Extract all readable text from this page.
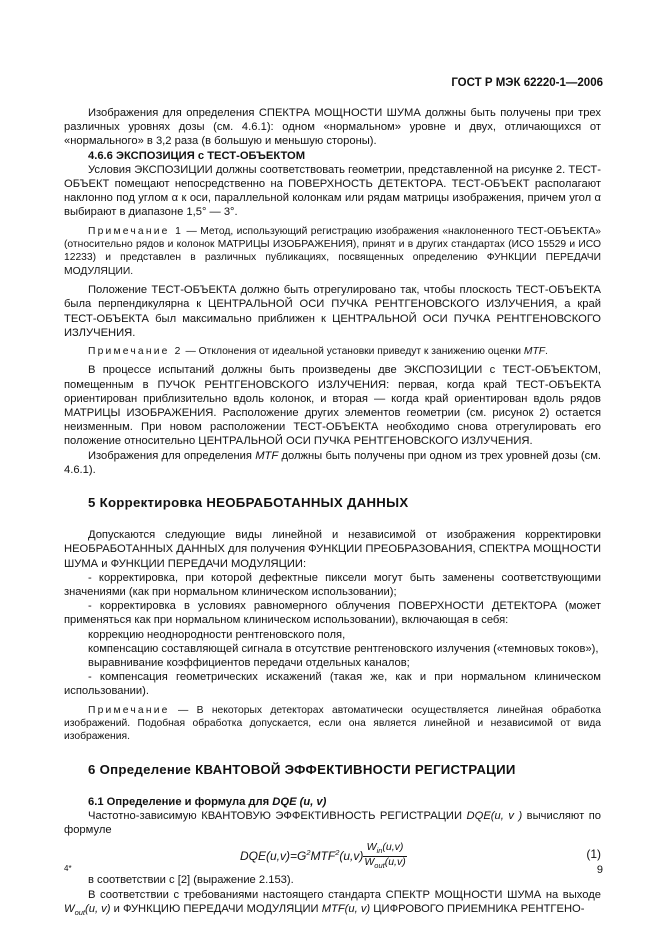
ГОСТ Р МЭК 62220-1—2006

Изображения для определения СПЕКТРА МОЩНОСТИ ШУМА должны быть получены при трех различных уровнях дозы (см. 4.6.1): одном «нормальном» уровне и двух, отличающихся от «нормального» в 3,2 раза (в большую и меньшую стороны).

4.6.6 ЭКСПОЗИЦИЯ с ТЕСТ-ОБЪЕКТОМ

Условия ЭКСПОЗИЦИИ должны соответствовать геометрии, представленной на рисунке 2. ТЕСТ-ОБЪЕКТ помещают непосредственно на ПОВЕРХНОСТЬ ДЕТЕКТОРА. ТЕСТ-ОБЪЕКТ располагают наклонно под углом α к оси, параллельной колонкам или рядам матрицы изображения, причем угол α выбирают в диапазоне 1,5° — 3°.

Примечание 1 — Метод, использующий регистрацию изображения «наклоненного ТЕСТ-ОБЪЕКТА» (относительно рядов и колонок МАТРИЦЫ ИЗОБРАЖЕНИЯ), принят и в других стандартах (ИСО 15529 и ИСО 12233) и представлен в различных публикациях, посвященных определению ФУНКЦИИ ПЕРЕДАЧИ МОДУЛЯЦИИ.

Положение ТЕСТ-ОБЪЕКТА должно быть отрегулировано так, чтобы плоскость ТЕСТ-ОБЪЕКТА была перпендикулярна к ЦЕНТРАЛЬНОЙ ОСИ ПУЧКА РЕНТГЕНОВСКОГО ИЗЛУЧЕНИЯ, а край ТЕСТ-ОБЪЕКТА был максимально приближен к ЦЕНТРАЛЬНОЙ ОСИ ПУЧКА РЕНТГЕНОВСКОГО ИЗЛУЧЕНИЯ.

Примечание 2 — Отклонения от идеальной установки приведут к занижению оценки MTF.

В процессе испытаний должны быть произведены две ЭКСПОЗИЦИИ с ТЕСТ-ОБЪЕКТОМ, помещенным в ПУЧОК РЕНТГЕНОВСКОГО ИЗЛУЧЕНИЯ: первая, когда край ТЕСТ-ОБЪЕКТА ориентирован приблизительно вдоль колонок, и вторая — когда край ориентирован вдоль рядов МАТРИЦЫ ИЗОБРАЖЕНИЯ. Расположение других элементов геометрии (см. рисунок 2) остается неизменным. При новом расположении ТЕСТ-ОБЪЕКТА необходимо снова отрегулировать его положение относительно ЦЕНТРАЛЬНОЙ ОСИ ПУЧКА РЕНТГЕНОВСКОГО ИЗЛУЧЕНИЯ.

Изображения для определения MTF должны быть получены при одном из трех уровней дозы (см. 4.6.1).

5 Корректировка НЕОБРАБОТАННЫХ ДАННЫХ

Допускаются следующие виды линейной и независимой от изображения корректировки НЕОБРАБОТАННЫХ ДАННЫХ для получения ФУНКЦИИ ПРЕОБРАЗОВАНИЯ, СПЕКТРА МОЩНОСТИ ШУМА и ФУНКЦИИ ПЕРЕДАЧИ МОДУЛЯЦИИ:

- корректировка, при которой дефектные пиксели могут быть заменены соответствующими значениями (как при нормальном клиническом использовании);

- корректировка в условиях равномерного облучения ПОВЕРХНОСТИ ДЕТЕКТОРА (может применяться как при нормальном клиническом использовании), включающая в себя:

коррекцию неоднородности рентгеновского поля,

компенсацию составляющей сигнала в отсутствие рентгеновского излучения («темновых токов»),

выравнивание коэффициентов передачи отдельных каналов;

- компенсация геометрических искажений (такая же, как и при нормальном клиническом использовании).

Примечание — В некоторых детекторах автоматически осуществляется линейная обработка изображений. Подобная обработка допускается, если она является линейной и независимой от вида изображения.

6 Определение КВАНТОВОЙ ЭФФЕКТИВНОСТИ РЕГИСТРАЦИИ

6.1 Определение и формула для DQE (u, v)

Частотно-зависимую КВАНТОВУЮ ЭФФЕКТИВНОСТЬ РЕГИСТРАЦИИ DQE(u, v ) вычисляют по формуле

$DQE(u,v)=G^2MTF^2(u,v) \frac{W_{in}(u,v)}{W_{out}(u,v)}$	(1)

в соответствии с [2] (выражение 2.153).

В соответствии с требованиями настоящего стандарта СПЕКТР МОЩНОСТИ ШУМА на выходе $W_{out}(u$, v) и ФУНКЦИЮ ПЕРЕДАЧИ МОДУЛЯЦИИ MTF(u, v) ЦИФРОВОГО ПРИЕМНИКА РЕНТГЕНО-

4*	9
